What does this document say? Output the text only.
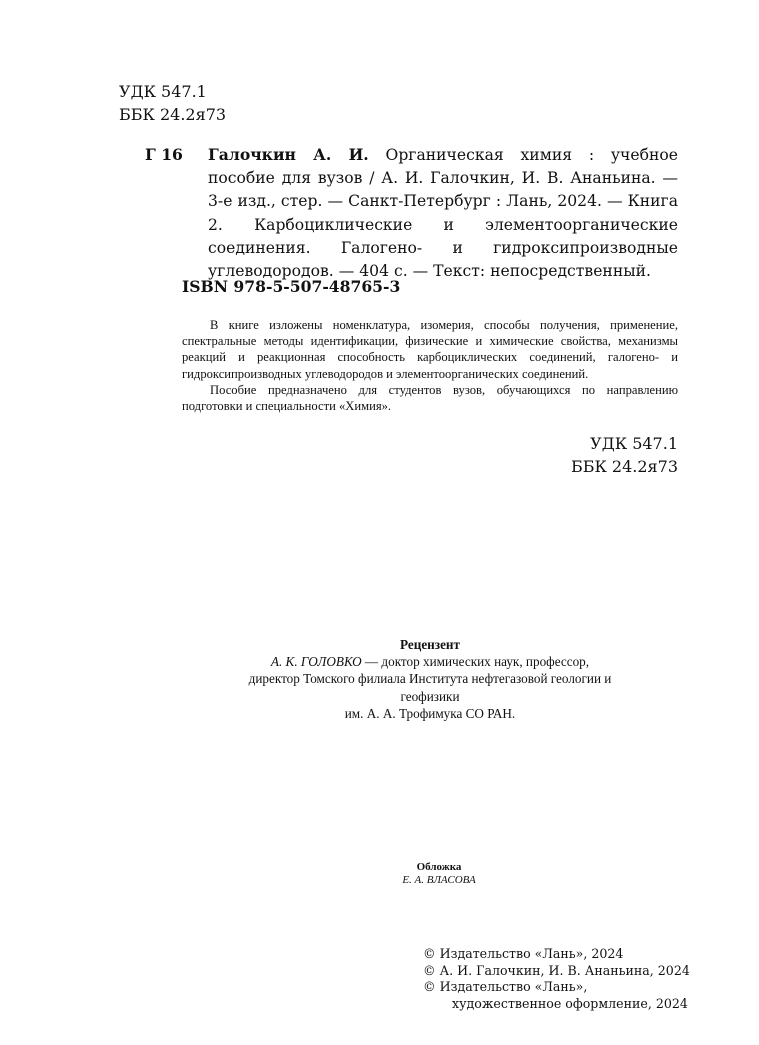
УДК 547.1
ББК 24.2я73
Г 16 Галочкин А. И. Органическая химия : учебное пособие для вузов / А. И. Галочкин, И. В. Ананьина. — 3-е изд., стер. — Санкт-Петербург : Лань, 2024. — Книга 2. Карбоциклические и элементоорганические соединения. Галогено- и гидроксипроизводные углеводородов. — 404 с. — Текст: непосредственный.
ISBN 978-5-507-48765-3

В книге изложены номенклатура, изомерия, способы получения, применение, спектральные методы идентификации, физические и химические свойства, механизмы реакций и реакционная способность карбоциклических соединений, галогено- и гидроксипроизводных углеводородов и элементоорганических соединений.

Пособие предназначено для студентов вузов, обучающихся по направлению подготовки и специальности «Химия».

УДК 547.1
ББК 24.2я73
Рецензент
А. К. ГОЛОВКО — доктор химических наук, профессор,
директор Томского филиала Института нефтегазовой геологии и
геофизики
им. А. А. Трофимука СО РАН.
Обложка
Е. А. ВЛАСОВА
© Издательство «Лань», 2024
© А. И. Галочкин, И. В. Ананьина, 2024
© Издательство «Лань»,
художественное оформление, 2024
